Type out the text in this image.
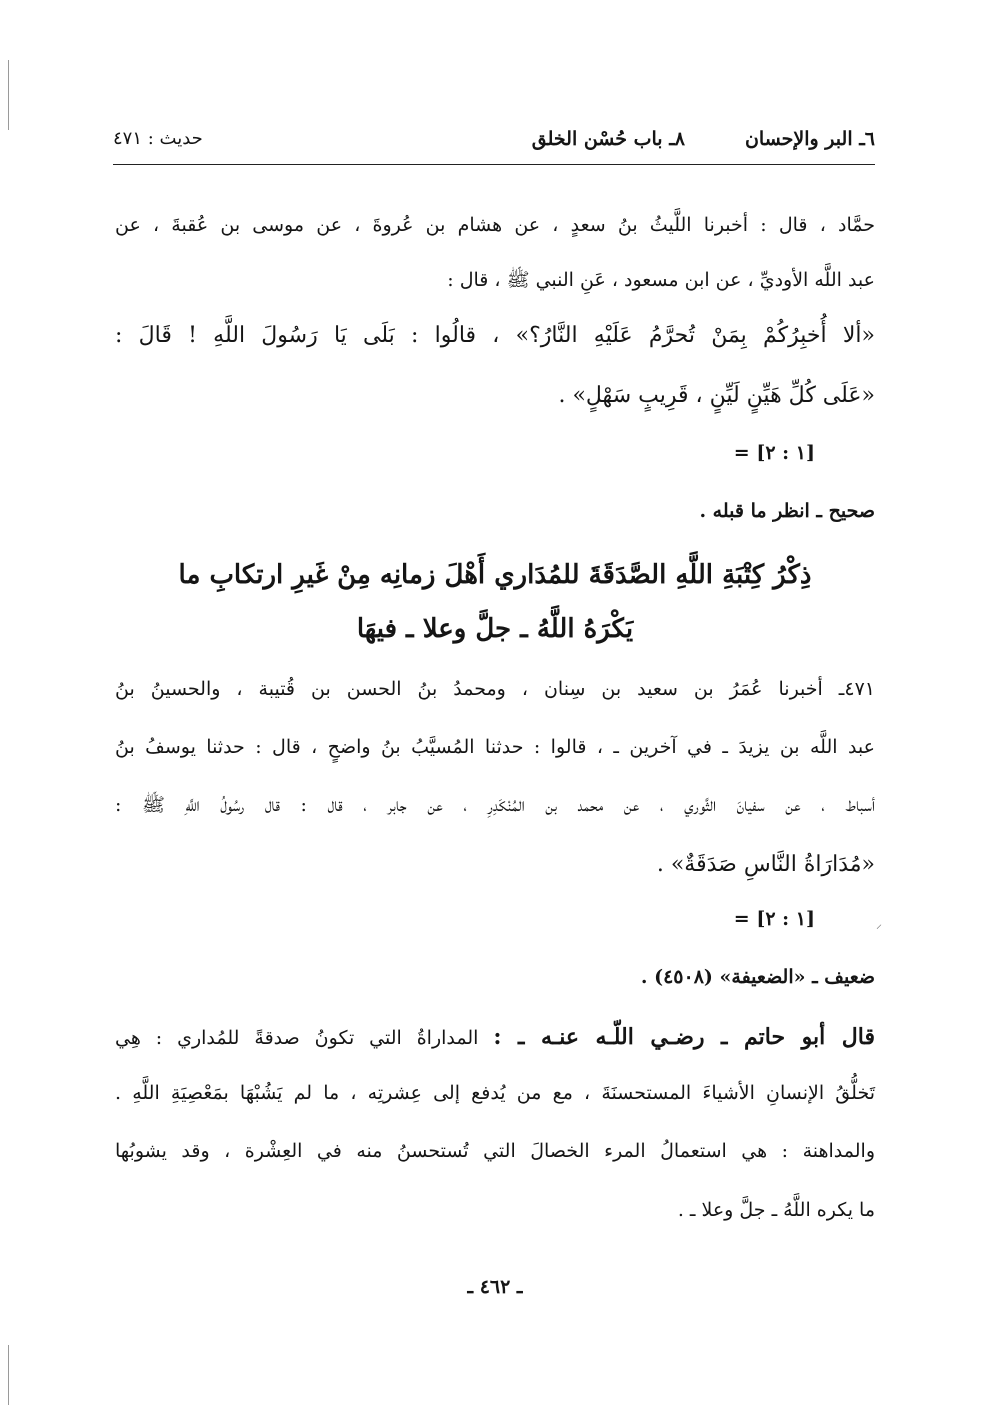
٦ـ البر والإحسان
٨ـ باب حُسْن الخلق
حديث : ٤٧١
حمَّاد ، قال : أخبرنا اللَّيثُ بنُ سعدٍ ، عن هشام بن عُروةَ ، عن موسى بن عُقبةَ ، عن
عبد اللَّه الأوديِّ ، عن ابن مسعود ، عَنِ النبي ﷺ ، قال :
«ألا أُخبِرُكُمْ بِمَنْ تُحرَّمُ عَلَيْهِ النَّارُ؟» ، قالُوا : بَلَى يَا رَسُولَ اللَّهِ ! قَالَ :
«عَلَى كُلِّ هَيِّنٍ لَيِّنٍ ، قَرِيبٍ سَهْلٍ» .
= [١ : ٢]
صحيح ـ انظر ما قبله .
ذِكْرُ كِتْبَةِ اللَّهِ الصَّدَقَةَ للمُدَاري أَهْلَ زمانِه مِنْ غَيرِ ارتكابِ ما
يَكْرَهُ اللَّهُ ـ جلَّ وعلا ـ فيهَا
٤٧١ـ أخبرنا عُمَرُ بن سعيد بن سِنان ، ومحمدُ بنُ الحسن بن قُتيبة ، والحسينُ بنُ
عبد اللَّه بن يزيدَ ـ في آخرين ـ ، قالوا : حدثنا المُسيَّبُ بنُ واضحٍ ، قال : حدثنا يوسفُ بنُ
أسباط ، عن سفيانَ الثَّوري ، عن محمد بن المُنْكَدِرِ ، عن جابر ، قال : قال رسُولُ اللَّهِ ﷺ :
«مُدَارَاةُ النَّاسِ صَدَقَةٌ» .
= [١ : ٢]	⸝
ضعيف ـ «الضعيفة» (٤٥٠٨) .
قال أبو حاتم ـ رضـي اللّـه عنـه ـ : المداراةُ التي تكونُ صدقةً للمُداري : هِي
تَخلُّقُ الإنسانِ الأشياءَ المستحسنَةَ ، مع من يُدفع إلى عِشرتِه ، ما لم يَشُبْهَا بمَعْصِيَةِ اللَّهِ .
والمداهنة : هي استعمالُ المرء الخصالَ التي تُستحسنُ منه في العِشْرة ، وقد يشوبُها
ما يكره اللَّهُ ـ جلَّ وعلا ـ .
ـ ٤٦٢ ـ
